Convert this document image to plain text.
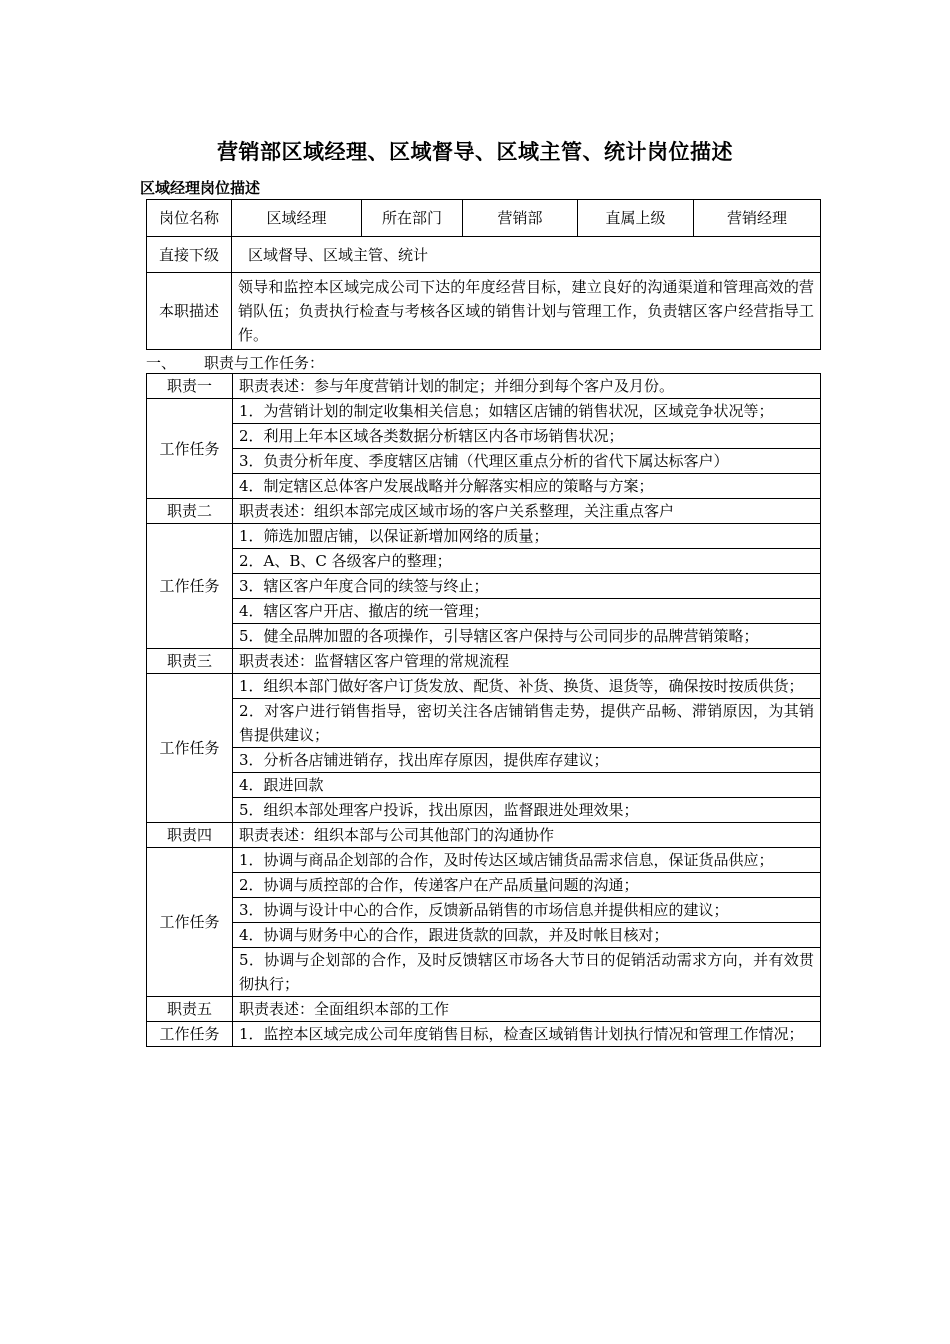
营销部区域经理、区域督导、区域主管、统计岗位描述
区域经理岗位描述
岗位名称	区域经理	所在部门	营销部	直属上级	营销经理
直接下级	区域督导、区域主管、统计				
本职描述	领导和监控本区域完成公司下达的年度经营目标，建立良好的沟通渠道和管理高效的营销队伍；负责执行检查与考核各区域的销售计划与管理工作，负责辖区客户经营指导工作。				
一、 职责与工作任务：
职责一	职责表述：参与年度营销计划的制定；并细分到每个客户及月份。
工作任务	1．为营销计划的制定收集相关信息；如辖区店铺的销售状况，区域竞争状况等；
	2．利用上年本区域各类数据分析辖区内各市场销售状况；
	3．负责分析年度、季度辖区店铺（代理区重点分析的省代下属达标客户）
	4．制定辖区总体客户发展战略并分解落实相应的策略与方案；
职责二	职责表述：组织本部完成区域市场的客户关系整理，关注重点客户
工作任务	1．筛选加盟店铺，以保证新增加网络的质量；
	2．A、B、C 各级客户的整理；
	3．辖区客户年度合同的续签与终止；
	4．辖区客户开店、撤店的统一管理；
	5．健全品牌加盟的各项操作，引导辖区客户保持与公司同步的品牌营销策略；
职责三	职责表述：监督辖区客户管理的常规流程
工作任务	1．组织本部门做好客户订货发放、配货、补货、换货、退货等，确保按时按质供货；
	2．对客户进行销售指导，密切关注各店铺销售走势，提供产品畅、滞销原因，为其销售提供建议；
	3．分析各店铺进销存，找出库存原因，提供库存建议；
	4．跟进回款
	5．组织本部处理客户投诉，找出原因，监督跟进处理效果；
职责四	职责表述：组织本部与公司其他部门的沟通协作
工作任务	1．协调与商品企划部的合作，及时传达区域店铺货品需求信息，保证货品供应；
	2．协调与质控部的合作，传递客户在产品质量问题的沟通；
	3．协调与设计中心的合作，反馈新品销售的市场信息并提供相应的建议；
	4．协调与财务中心的合作，跟进货款的回款，并及时帐目核对；
	5．协调与企划部的合作，及时反馈辖区市场各大节日的促销活动需求方向，并有效贯彻执行；
职责五	职责表述：全面组织本部的工作
工作任务	1．监控本区域完成公司年度销售目标，检查区域销售计划执行情况和管理工作情况；
